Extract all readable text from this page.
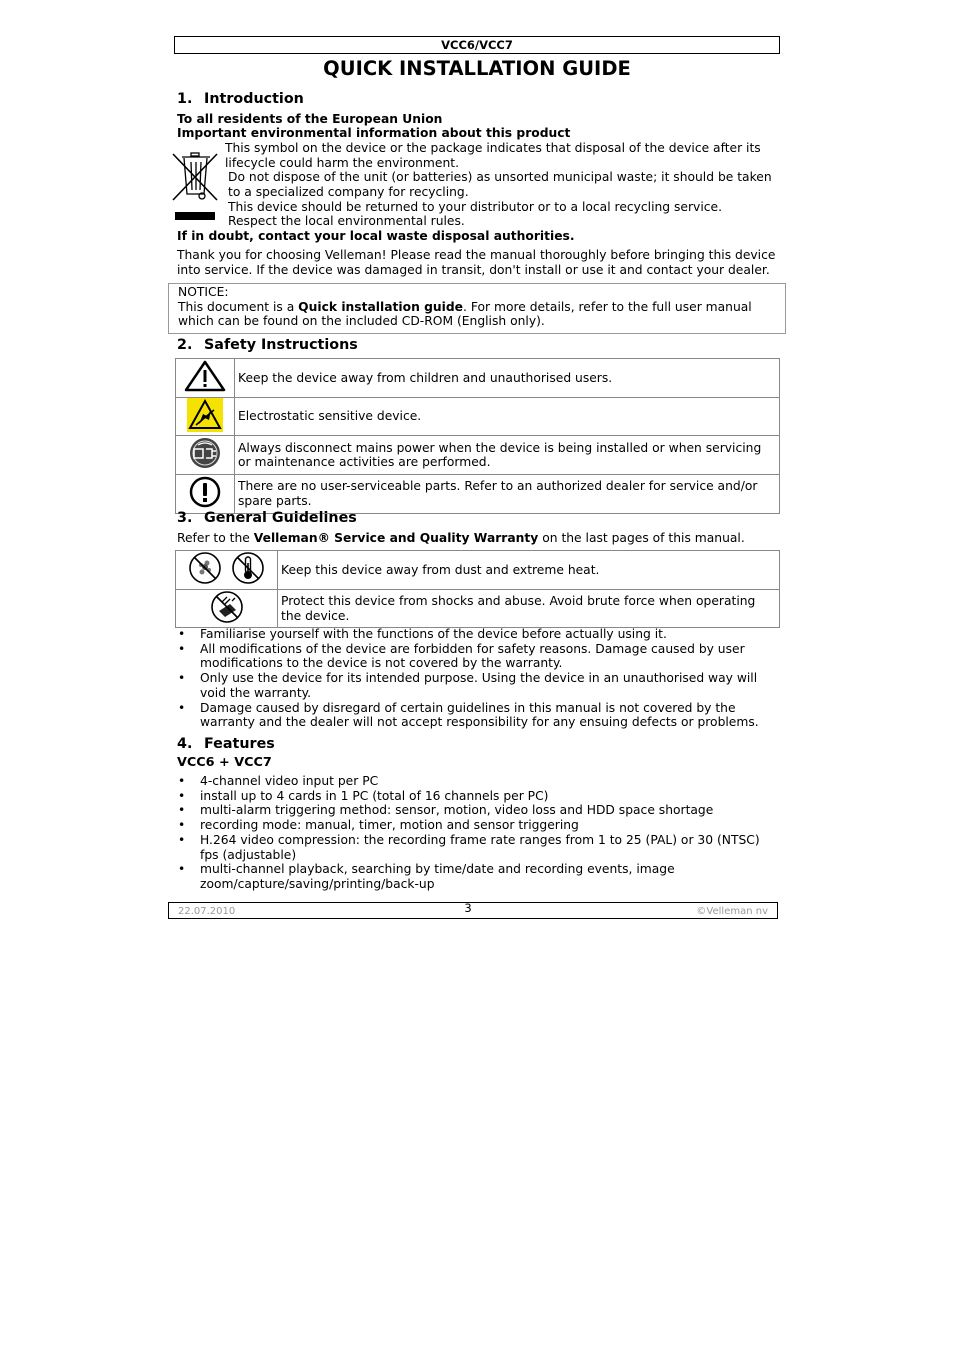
VCC6/VCC7
QUICK INSTALLATION GUIDE
1. Introduction

To all residents of the European Union

Important environmental information about this product

This symbol on the device or the package indicates that disposal of the device after its

lifecycle could harm the environment.

Do not dispose of the unit (or batteries) as unsorted municipal waste; it should be taken

to a specialized company for recycling.

This device should be returned to your distributor or to a local recycling service.

Respect the local environmental rules.

If in doubt, contact your local waste disposal authorities.

Thank you for choosing Velleman! Please read the manual thoroughly before bringing this device

into service. If the device was damaged in transit, don't install or use it and contact your dealer.

NOTICE:
This document is a Quick installation guide. For more details, refer to the full user manual
which can be found on the included CD-ROM (English only).
2. Safety Instructions
	Keep the device away from children and unauthorised users.
	Electrostatic sensitive device.
	Always disconnect mains power when the device is being installed or when servicing or maintenance activities are performed.
	There are no user-serviceable parts. Refer to an authorized dealer for service and/or spare parts.
3. General Guidelines

Refer to the Velleman® Service and Quality Warranty on the last pages of this manual.

	Keep this device away from dust and extreme heat.
	Protect this device from shocks and abuse. Avoid brute force when operating the device.
• Familiarise yourself with the functions of the device before actually using it.
• All modifications of the device are forbidden for safety reasons. Damage caused by user modifications to the device is not covered by the warranty.
• Only use the device for its intended purpose. Using the device in an unauthorised way will void the warranty.
• Damage caused by disregard of certain guidelines in this manual is not covered by the warranty and the dealer will not accept responsibility for any ensuing defects or problems.
4. Features

VCC6 + VCC7

• 4-channel video input per PC
• install up to 4 cards in 1 PC (total of 16 channels per PC)
• multi-alarm triggering method: sensor, motion, video loss and HDD space shortage
• recording mode: manual, timer, motion and sensor triggering
• H.264 video compression: the recording frame rate ranges from 1 to 25 (PAL) or 30 (NTSC) fps (adjustable)
• multi-channel playback, searching by time/date and recording events, image zoom/capture/saving/printing/back-up
22.07.2010	3	©Velleman nv
